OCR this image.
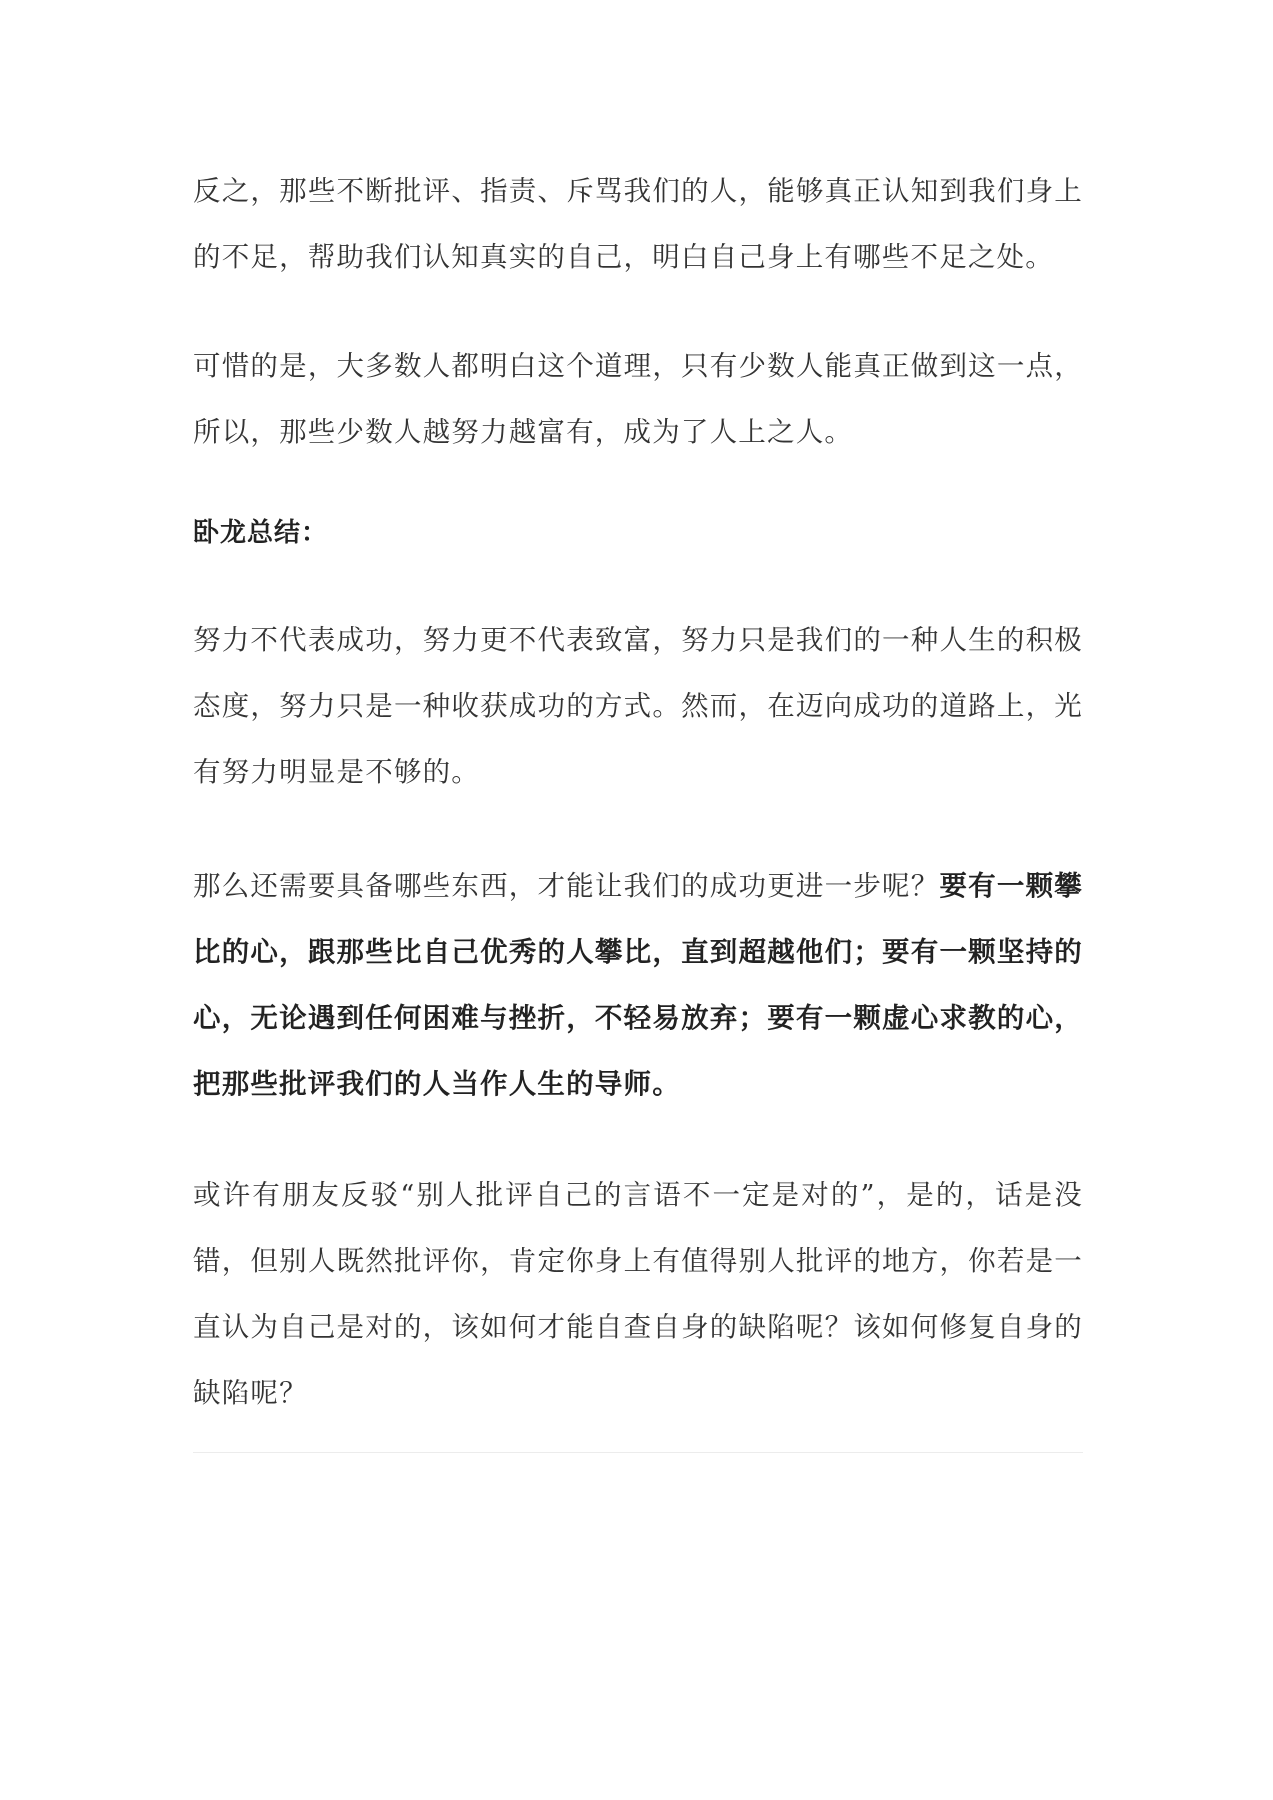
反之，那些不断批评、指责、斥骂我们的人，能够真正认知到我们身上的不足，帮助我们认知真实的自己，明白自己身上有哪些不足之处。

可惜的是，大多数人都明白这个道理，只有少数人能真正做到这一点，所以，那些少数人越努力越富有，成为了人上之人。

卧龙总结：

努力不代表成功，努力更不代表致富，努力只是我们的一种人生的积极态度，努力只是一种收获成功的方式。然而，在迈向成功的道路上，光有努力明显是不够的。

那么还需要具备哪些东西，才能让我们的成功更进一步呢？要有一颗攀比的心，跟那些比自己优秀的人攀比，直到超越他们；要有一颗坚持的心，无论遇到任何困难与挫折，不轻易放弃；要有一颗虚心求教的心，把那些批评我们的人当作人生的导师。

或许有朋友反驳“别人批评自己的言语不一定是对的”，是的，话是没错，但别人既然批评你，肯定你身上有值得别人批评的地方，你若是一直认为自己是对的，该如何才能自查自身的缺陷呢？该如何修复自身的缺陷呢？
